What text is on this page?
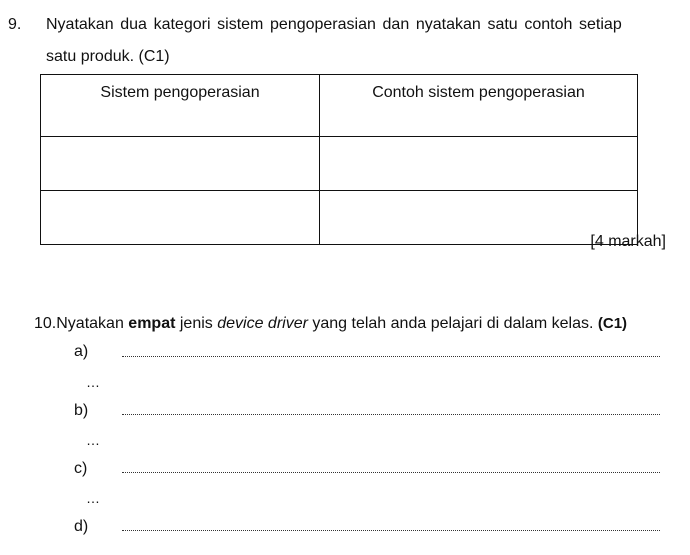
9. Nyatakan dua kategori sistem pengoperasian dan nyatakan satu contoh setiap
satu produk. (C1)
Sistem pengoperasian	Contoh sistem pengoperasian

[4 markah]
10.Nyatakan empat jenis device driver yang telah anda pelajari di dalam kelas. (C1)
a)
…
b)
…
c)
…
d)
